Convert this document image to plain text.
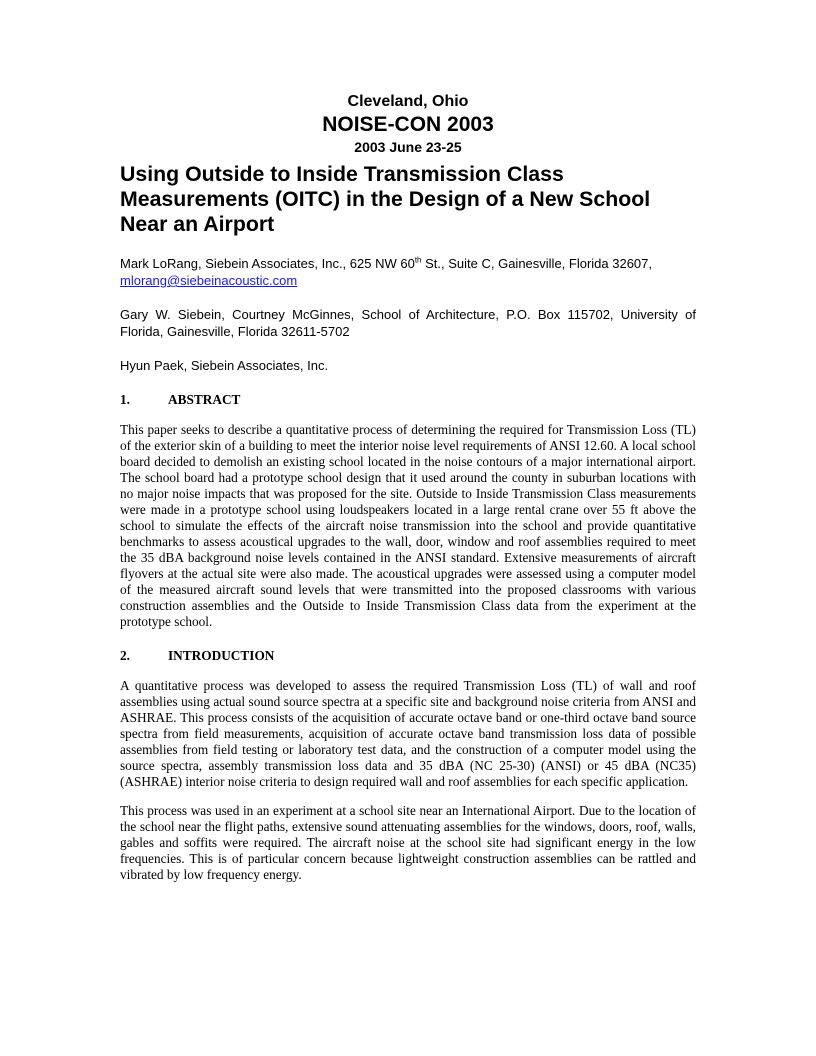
Cleveland, Ohio
NOISE-CON 2003
2003 June 23-25
Using Outside to Inside Transmission Class Measurements (OITC) in the Design of a New School Near an Airport

Mark LoRang, Siebein Associates, Inc., 625 NW 60th St., Suite C, Gainesville, Florida 32607,
mlorang@siebeinacoustic.com

Gary W. Siebein, Courtney McGinnes, School of Architecture, P.O. Box 115702, University of Florida, Gainesville, Florida 32611-5702

Hyun Paek, Siebein Associates, Inc.

1.	ABSTRACT

This paper seeks to describe a quantitative process of determining the required for Transmission Loss (TL) of the exterior skin of a building to meet the interior noise level requirements of ANSI 12.60. A local school board decided to demolish an existing school located in the noise contours of a major international airport. The school board had a prototype school design that it used around the county in suburban locations with no major noise impacts that was proposed for the site. Outside to Inside Transmission Class measurements were made in a prototype school using loudspeakers located in a large rental crane over 55 ft above the school to simulate the effects of the aircraft noise transmission into the school and provide quantitative benchmarks to assess acoustical upgrades to the wall, door, window and roof assemblies required to meet the 35 dBA background noise levels contained in the ANSI standard. Extensive measurements of aircraft flyovers at the actual site were also made. The acoustical upgrades were assessed using a computer model of the measured aircraft sound levels that were transmitted into the proposed classrooms with various construction assemblies and the Outside to Inside Transmission Class data from the experiment at the prototype school.

2.	INTRODUCTION

A quantitative process was developed to assess the required Transmission Loss (TL) of wall and roof assemblies using actual sound source spectra at a specific site and background noise criteria from ANSI and ASHRAE. This process consists of the acquisition of accurate octave band or one-third octave band source spectra from field measurements, acquisition of accurate octave band transmission loss data of possible assemblies from field testing or laboratory test data, and the construction of a computer model using the source spectra, assembly transmission loss data and 35 dBA (NC 25-30) (ANSI) or 45 dBA (NC35) (ASHRAE) interior noise criteria to design required wall and roof assemblies for each specific application.

This process was used in an experiment at a school site near an International Airport. Due to the location of the school near the flight paths, extensive sound attenuating assemblies for the windows, doors, roof, walls, gables and soffits were required. The aircraft noise at the school site had significant energy in the low frequencies. This is of particular concern because lightweight construction assemblies can be rattled and vibrated by low frequency energy.
